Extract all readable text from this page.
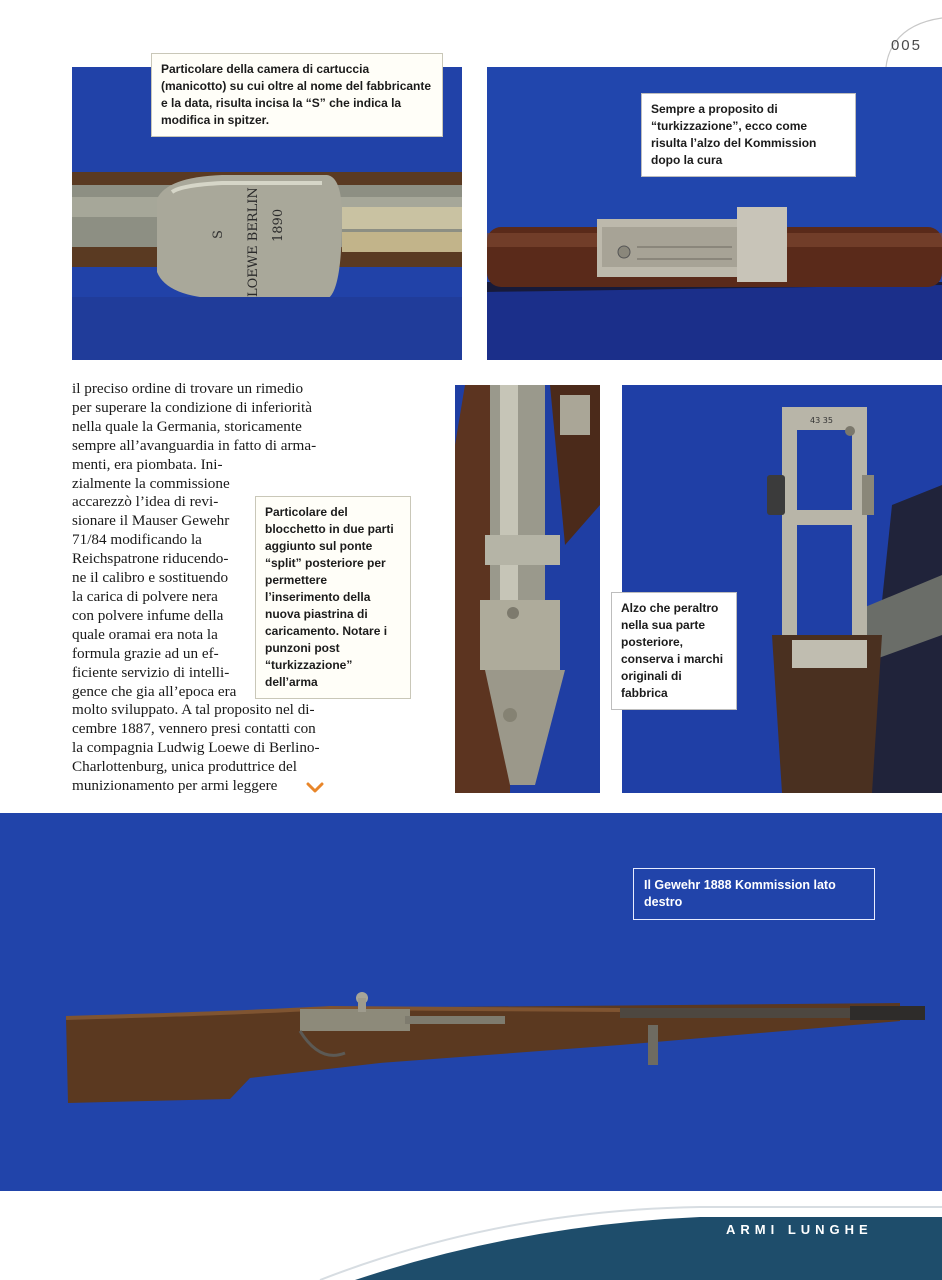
005
S LOEWE BERLIN 1890
Particolare della camera di cartuccia (manicotto) su cui oltre al nome del fabbricante e la data, risulta incisa la “S” che indica la modifica in spitzer.
Sempre a proposito di “turkizzazione”, ecco come risulta l’alzo del Kommission dopo la cura

il preciso ordine di trovare un rimedio

per superare la condizione di inferiorità

nella quale la Germania, storicamente

sempre all’avanguardia in fatto di arma-

menti, era piombata. Ini-

zialmente la commissione

accarezzò l’idea di revi-

sionare il Mauser Gewehr

71/84 modificando la

Reichspatrone riducendo-

ne il calibro e sostituendo

la carica di polvere nera

con polvere infume della

quale oramai era nota la

formula grazie ad un ef-

ficiente servizio di intelli-

gence che gia all’epoca era

molto sviluppato. A tal proposito nel di-

cembre 1887, vennero presi contatti con

la compagnia Ludwig Loewe di Berlino-

Charlottenburg, unica produttrice del

munizionamento per armi leggere

Particolare del blocchetto in due parti aggiunto sul ponte “split” posteriore per permettere l’inserimento della nuova piastrina di caricamento. Notare i punzoni post “turkizzazione” dell’arma
43 35
Alzo che peraltro nella sua parte posteriore, conserva i marchi originali di fabbrica
Il Gewehr 1888 Kommission lato destro
ARMI LUNGHE
